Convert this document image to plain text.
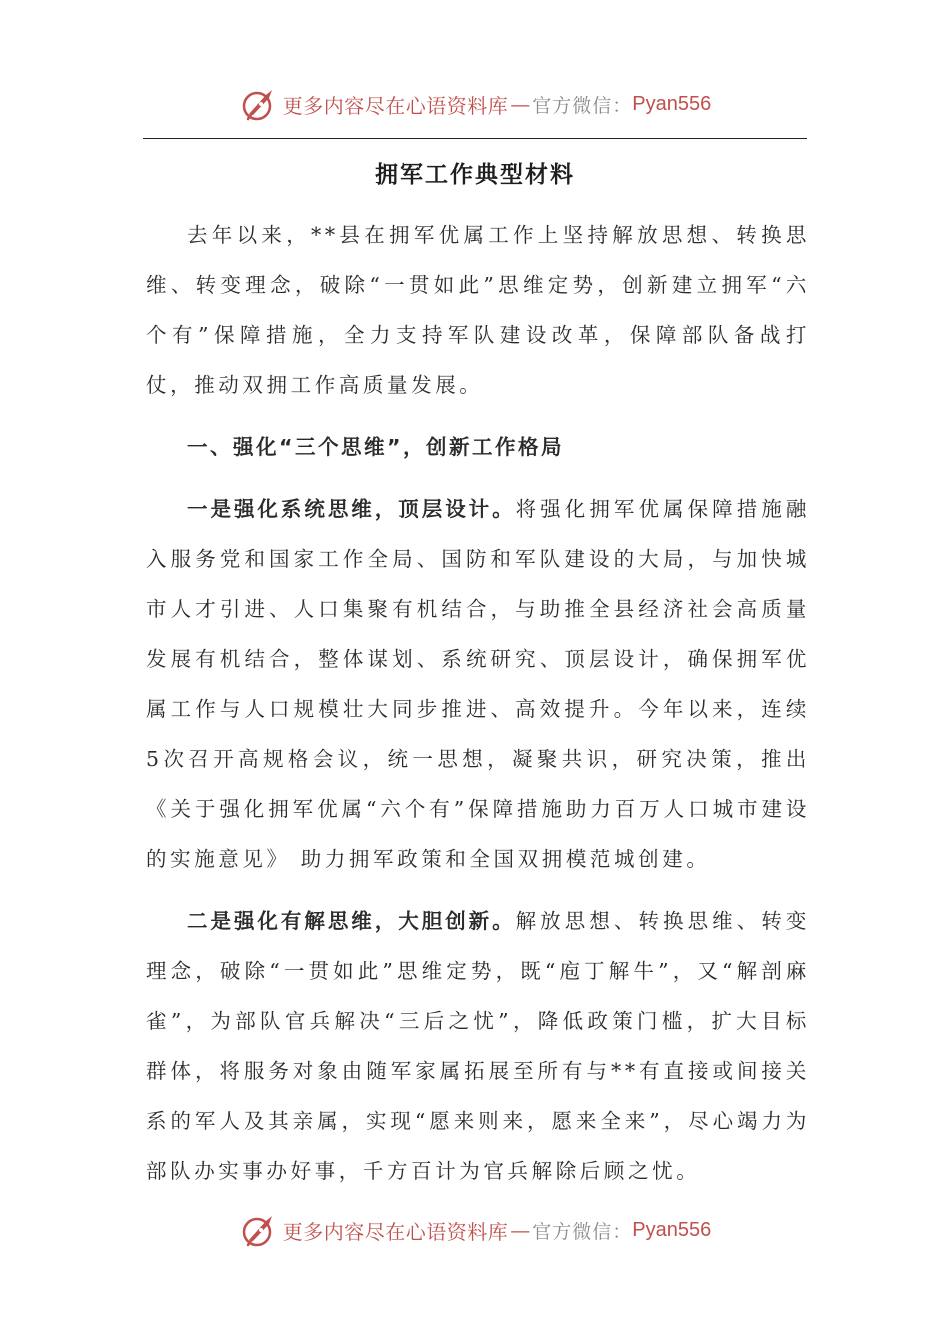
更多内容尽在心语资料库 — 官方微信： Pyan556
拥军工作典型材料

去年以来，**县在拥军优属工作上坚持解放思想、转换思维、转变理念，破除“一贯如此”思维定势，创新建立拥军“六个有”保障措施，全力支持军队建设改革，保障部队备战打仗，推动双拥工作高质量发展。

一、强化“三个思维”，创新工作格局

一是强化系统思维，顶层设计。将强化拥军优属保障措施融入服务党和国家工作全局、国防和军队建设的大局，与加快城市人才引进、人口集聚有机结合，与助推全县经济社会高质量发展有机结合，整体谋划、系统研究、顶层设计，确保拥军优属工作与人口规模壮大同步推进、高效提升。今年以来，连续5次召开高规格会议，统一思想，凝聚共识，研究决策，推出《关于强化拥军优属“六个有”保障措施助力百万人口城市建设的实施意见》 助力拥军政策和全国双拥模范城创建。

二是强化有解思维，大胆创新。解放思想、转换思维、转变理念，破除“一贯如此”思维定势，既“庖丁解牛”，又“解剖麻雀”，为部队官兵解决“三后之忧”，降低政策门槛，扩大目标群体，将服务对象由随军家属拓展至所有与**有直接或间接关系的军人及其亲属，实现“愿来则来，愿来全来”，尽心竭力为部队办实事办好事，千方百计为官兵解除后顾之忧。

更多内容尽在心语资料库 — 官方微信： Pyan556
